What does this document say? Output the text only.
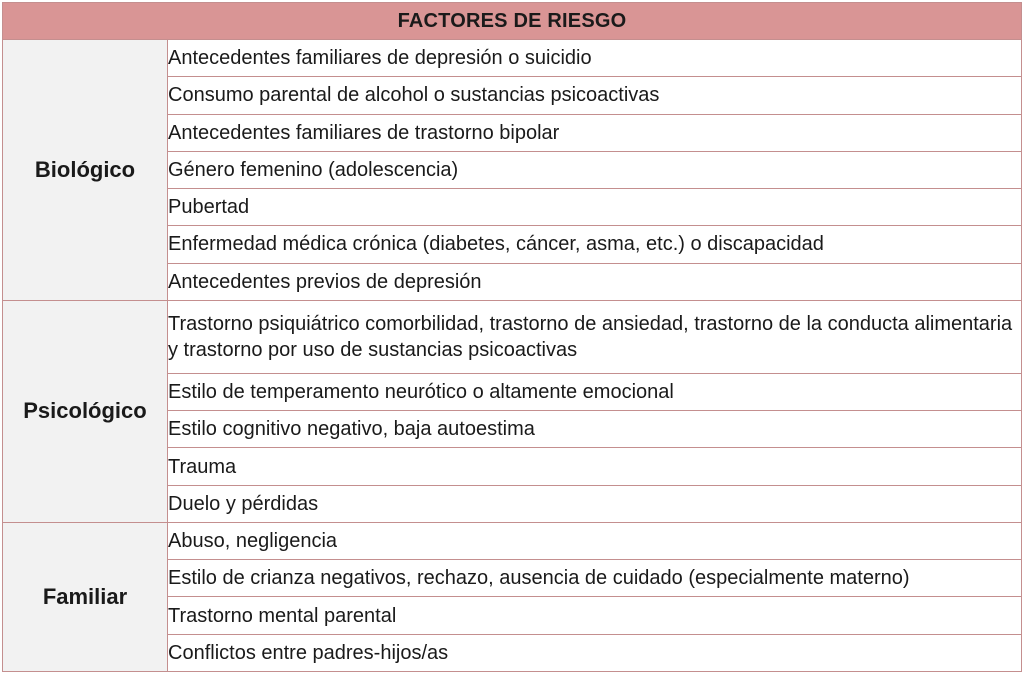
FACTORES DE RIESGO	
Biológico	Antecedentes familiares de depresión o suicidio
	Consumo parental de alcohol o sustancias psicoactivas
	Antecedentes familiares de trastorno bipolar
	Género femenino (adolescencia)
	Pubertad
	Enfermedad médica crónica (diabetes, cáncer, asma, etc.) o discapacidad
	Antecedentes previos de depresión
Psicológico	Trastorno psiquiátrico comorbilidad, trastorno de ansiedad, trastorno de la conducta alimentaria y trastorno por uso de sustancias psicoactivas
	Estilo de temperamento neurótico o altamente emocional
	Estilo cognitivo negativo, baja autoestima
	Trauma
	Duelo y pérdidas
Familiar	Abuso, negligencia
	Estilo de crianza negativos, rechazo, ausencia de cuidado (especialmente materno)
	Trastorno mental parental
	Conflictos entre padres-hijos/as
